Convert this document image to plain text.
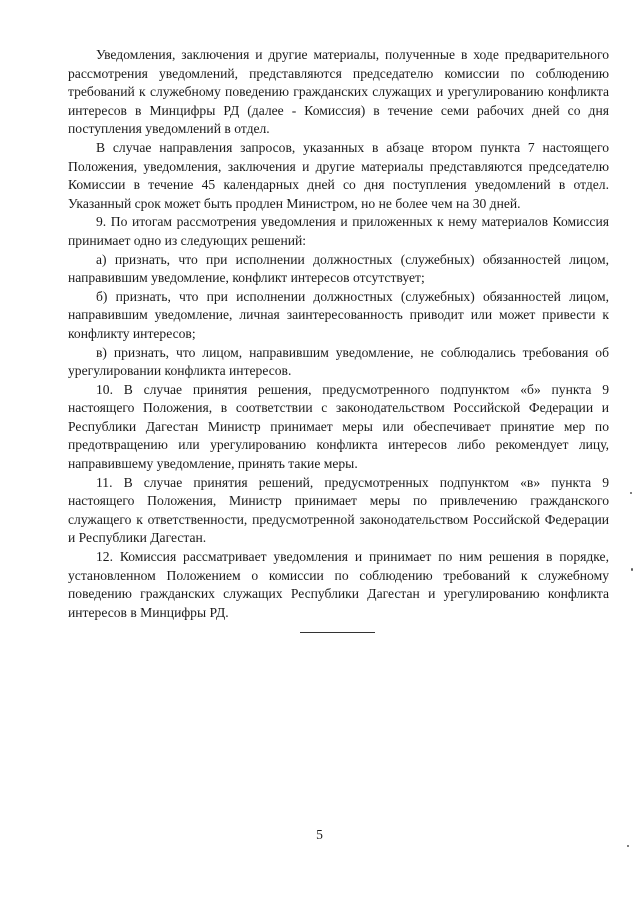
Уведомления, заключения и другие материалы, полученные в ходе предварительного рассмотрения уведомлений, представляются председателю комиссии по соблюдению требований к служебному поведению гражданских служащих и урегулированию конфликта интересов в Минцифры РД (далее - Комиссия) в течение семи рабочих дней со дня поступления уведомлений в отдел.

В случае направления запросов, указанных в абзаце втором пункта 7 настоящего Положения, уведомления, заключения и другие материалы представляются председателю Комиссии в течение 45 календарных дней со дня поступления уведомлений в отдел. Указанный срок может быть продлен Министром, но не более чем на 30 дней.

9. По итогам рассмотрения уведомления и приложенных к нему материалов Комиссия принимает одно из следующих решений:

а) признать, что при исполнении должностных (служебных) обязанностей лицом, направившим уведомление, конфликт интересов отсутствует;

б) признать, что при исполнении должностных (служебных) обязанностей лицом, направившим уведомление, личная заинтересованность приводит или может привести к конфликту интересов;

в) признать, что лицом, направившим уведомление, не соблюдались требования об урегулировании конфликта интересов.

10. В случае принятия решения, предусмотренного подпунктом «б» пункта 9 настоящего Положения, в соответствии с законодательством Российской Федерации и Республики Дагестан Министр принимает меры или обеспечивает принятие мер по предотвращению или урегулированию конфликта интересов либо рекомендует лицу, направившему уведомление, принять такие меры.

11. В случае принятия решений, предусмотренных подпунктом «в» пункта 9 настоящего Положения, Министр принимает меры по привлечению гражданского служащего к ответственности, предусмотренной законодательством Российской Федерации и Республики Дагестан.

12. Комиссия рассматривает уведомления и принимает по ним решения в порядке, установленном Положением о комиссии по соблюдению требований к служебному поведению гражданских служащих Республики Дагестан и урегулированию конфликта интересов в Минцифры РД.

5
